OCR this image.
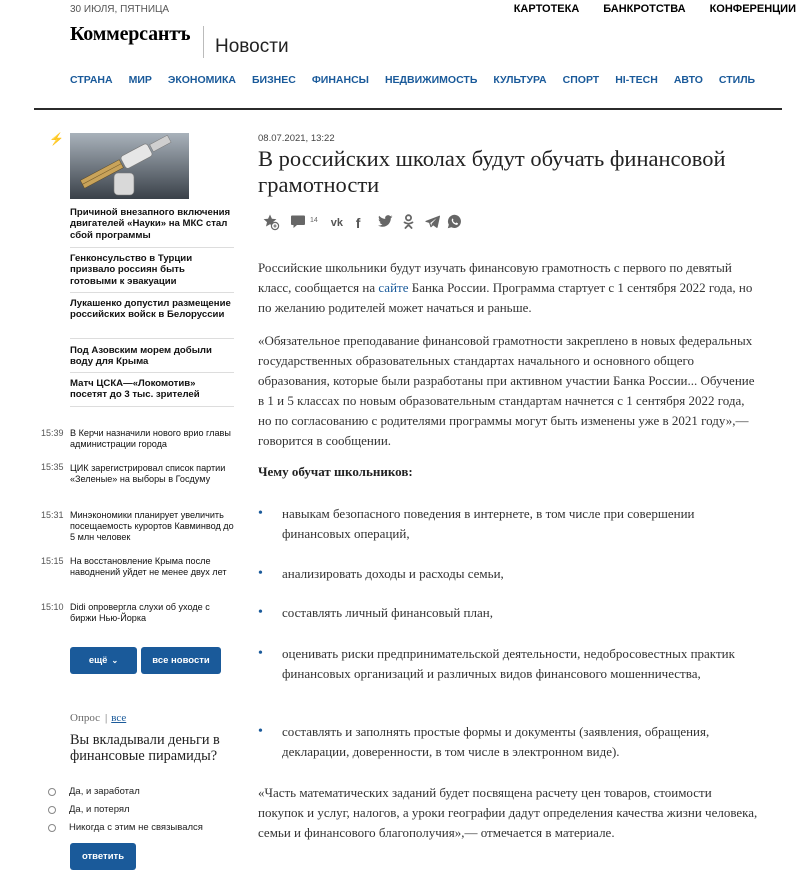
30 ИЮЛЯ, ПЯТНИЦА	КАРТОТЕКА БАНКРОТСТВА КОНФЕРЕНЦИИ
Коммерсантъ
Новости
СТРАНА МИР ЭКОНОМИКА БИЗНЕС ФИНАНСЫ НЕДВИЖИМОСТЬ КУЛЬТУРА СПОРТ HI-TECH АВТО СТИЛЬ
⚡
Причиной внезапного включения двигателей «Науки» на МКС стал сбой программы
Генконсульство в Турции призвало россиян быть готовыми к эвакуации
Лукашенко допустил размещение российских войск в Белоруссии
Под Азовским морем добыли воду для Крыма
Матч ЦСКА—«Локомотив» посетят до 3 тыс. зрителей
15:39 В Керчи назначили нового врио главы администрации города
15:35 ЦИК зарегистрировал список партии «Зеленые» на выборы в Госдуму
15:31 Минэкономики планирует увеличить посещаемость курортов Кавминвод до 5 млн человек
15:15 На восстановление Крыма после наводнений уйдет не менее двух лет
15:10 Didi опровергла слухи об уходе с биржи Нью-Йорка
ещё ⌄	все новости
Опрос | все
Вы вкладывали деньги в финансовые пирамиды?
Да, и заработал
Да, и потерял
Никогда с этим не связывался
ответить
08.07.2021, 13:22
В российских школах будут обучать финансовой грамотности
14 vk f
Российские школьники будут изучать финансовую грамотность с первого по девятый класс, сообщается на сайте Банка России. Программа стартует с 1 сентября 2022 года, но по желанию родителей может начаться и раньше.
«Обязательное преподавание финансовой грамотности закреплено в новых федеральных государственных образовательных стандартах начального и основного общего образования, которые были разработаны при активном участии Банка России... Обучение в 1 и 5 классах по новым образовательным стандартам начнется с 1 сентября 2022 года, но по согласованию с родителями программы могут быть изменены уже в 2021 году»,— говорится в сообщении.
Чему обучат школьников:
• навыкам безопасного поведения в интернете, в том числе при совершении финансовых операций,
• анализировать доходы и расходы семьи,
• составлять личный финансовый план,
• оценивать риски предпринимательской деятельности, недобросовестных практик финансовых организаций и различных видов финансового мошенничества,
• составлять и заполнять простые формы и документы (заявления, обращения, декларации, доверенности, в том числе в электронном виде).
«Часть математических заданий будет посвящена расчету цен товаров, стоимости покупок и услуг, налогов, а уроки географии дадут определения качества жизни человека, семьи и финансового благополучия»,— отмечается в материале.
